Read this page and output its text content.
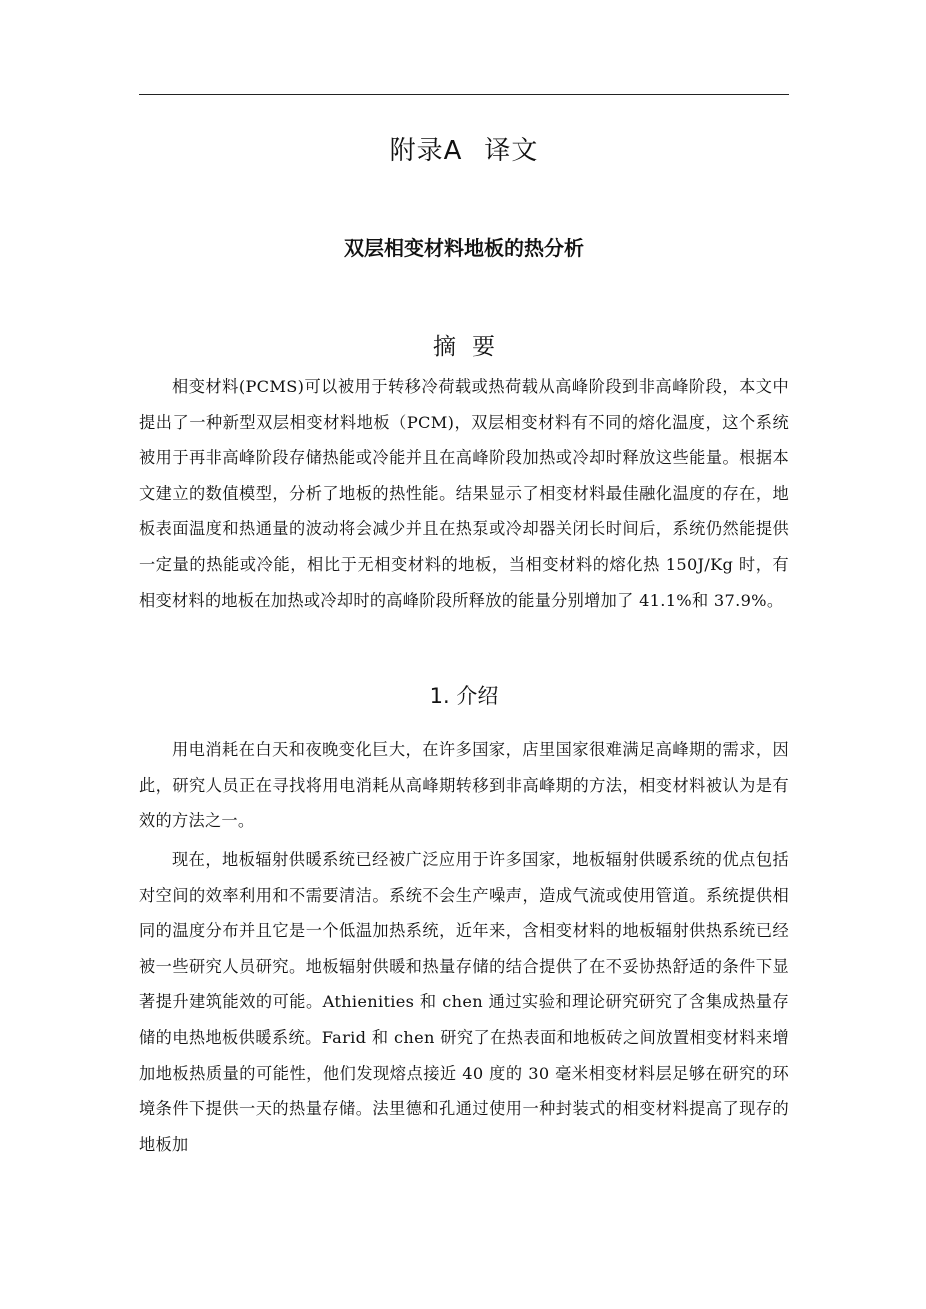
附录A 译文
双层相变材料地板的热分析
摘要

相变材料(PCMS)可以被用于转移冷荷载或热荷载从高峰阶段到非高峰阶段，本文中提出了一种新型双层相变材料地板（PCM)，双层相变材料有不同的熔化温度，这个系统被用于再非高峰阶段存储热能或冷能并且在高峰阶段加热或冷却时释放这些能量。根据本文建立的数值模型，分析了地板的热性能。结果显示了相变材料最佳融化温度的存在，地板表面温度和热通量的波动将会减少并且在热泵或冷却器关闭长时间后，系统仍然能提供一定量的热能或冷能，相比于无相变材料的地板，当相变材料的熔化热 150J/Kg 时，有相变材料的地板在加热或冷却时的高峰阶段所释放的能量分别增加了 41.1%和 37.9%。

1. 介绍

用电消耗在白天和夜晚变化巨大，在许多国家，店里国家很难满足高峰期的需求，因此，研究人员正在寻找将用电消耗从高峰期转移到非高峰期的方法，相变材料被认为是有效的方法之一。

现在，地板辐射供暖系统已经被广泛应用于许多国家，地板辐射供暖系统的优点包括对空间的效率利用和不需要清洁。系统不会生产噪声，造成气流或使用管道。系统提供相同的温度分布并且它是一个低温加热系统，近年来，含相变材料的地板辐射供热系统已经被一些研究人员研究。地板辐射供暖和热量存储的结合提供了在不妥协热舒适的条件下显著提升建筑能效的可能。Athienities 和 chen 通过实验和理论研究研究了含集成热量存储的电热地板供暖系统。Farid 和 chen 研究了在热表面和地板砖之间放置相变材料来增加地板热质量的可能性，他们发现熔点接近 40 度的 30 毫米相变材料层足够在研究的环境条件下提供一天的热量存储。法里德和孔通过使用一种封装式的相变材料提高了现存的地板加
